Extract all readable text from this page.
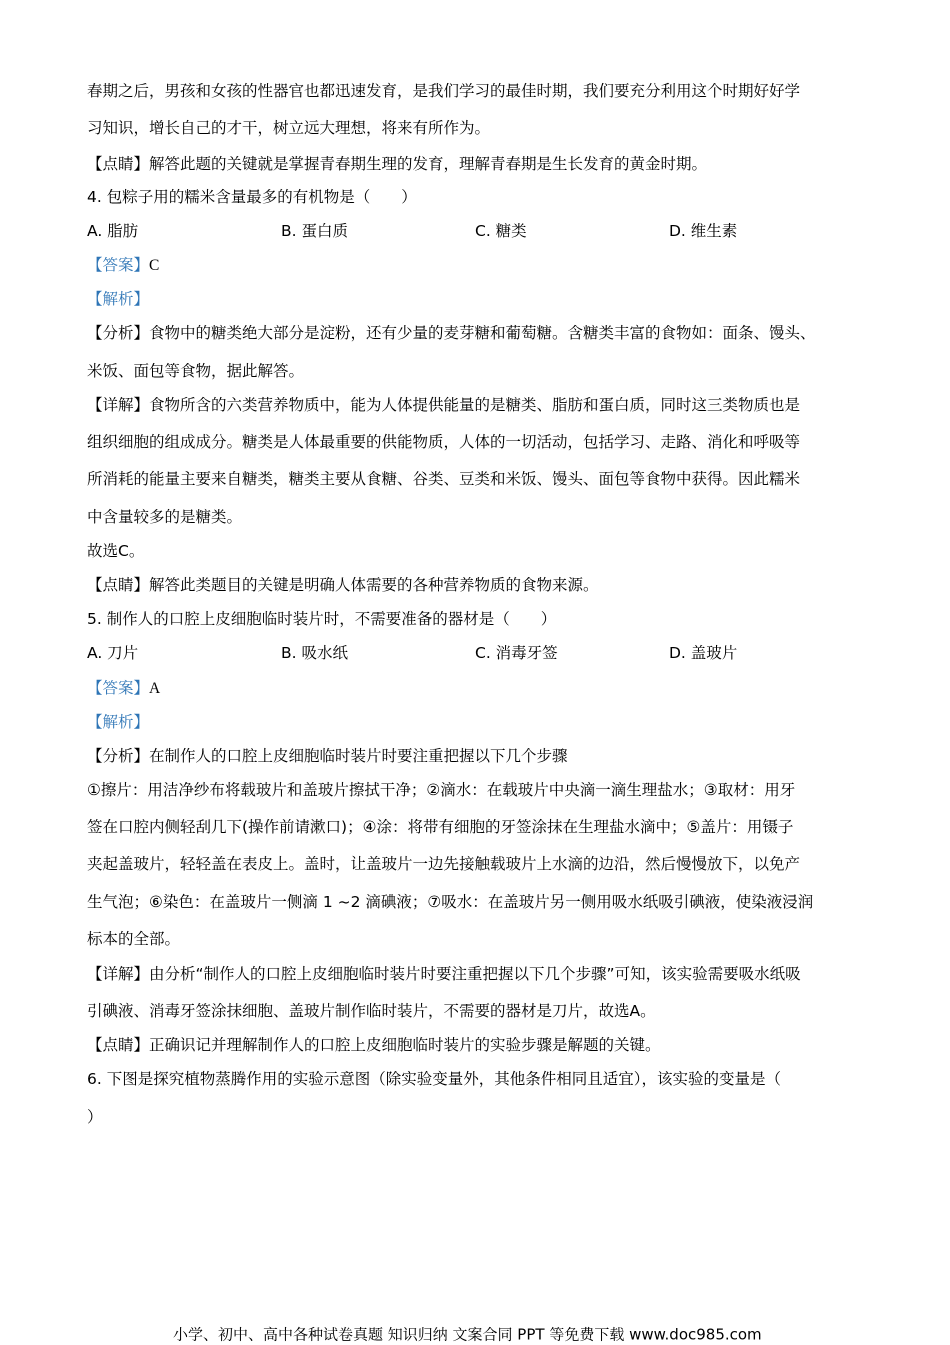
春期之后，男孩和女孩的性器官也都迅速发育，是我们学习的最佳时期，我们要充分利用这个时期好好学
习知识，增长自己的才干，树立远大理想，将来有所作为。
【点睛】解答此题的关键就是掌握青春期生理的发育，理解青春期是生长发育的黄金时期。
4. 包粽子用的糯米含量最多的有机物是（　　）
A. 脂肪	B. 蛋白质	C. 糖类	D. 维生素
【答案】C
【解析】
【分析】食物中的糖类绝大部分是淀粉，还有少量的麦芽糖和葡萄糖。含糖类丰富的食物如：面条、馒头、
米饭、面包等食物，据此解答。
【详解】食物所含的六类营养物质中，能为人体提供能量的是糖类、脂肪和蛋白质，同时这三类物质也是
组织细胞的组成成分。糖类是人体最重要的供能物质，人体的一切活动，包括学习、走路、消化和呼吸等
所消耗的能量主要来自糖类，糖类主要从食糖、谷类、豆类和米饭、馒头、面包等食物中获得。因此糯米
中含量较多的是糖类。
故选C。
【点睛】解答此类题目的关键是明确人体需要的各种营养物质的食物来源。
5. 制作人的口腔上皮细胞临时装片时，不需要准备的器材是（　　）
A. 刀片	B. 吸水纸	C. 消毒牙签	D. 盖玻片
【答案】A
【解析】
【分析】在制作人的口腔上皮细胞临时装片时要注重把握以下几个步骤
①擦片：用洁净纱布将载玻片和盖玻片擦拭干净；②滴水：在载玻片中央滴一滴生理盐水；③取材：用牙
签在口腔内侧轻刮几下(操作前请漱口)；④涂：将带有细胞的牙签涂抹在生理盐水滴中；⑤盖片：用镊子
夹起盖玻片，轻轻盖在表皮上。盖时，让盖玻片一边先接触载玻片上水滴的边沿，然后慢慢放下，以免产
生气泡；⑥染色：在盖玻片一侧滴 1 ~2 滴碘液；⑦吸水：在盖玻片另一侧用吸水纸吸引碘液，使染液浸润
标本的全部。
【详解】由分析“制作人的口腔上皮细胞临时装片时要注重把握以下几个步骤”可知，该实验需要吸水纸吸
引碘液、消毒牙签涂抹细胞、盖玻片制作临时装片，不需要的器材是刀片，故选A。
【点睛】正确识记并理解制作人的口腔上皮细胞临时装片的实验步骤是解题的关键。
6. 下图是探究植物蒸腾作用的实验示意图（除实验变量外，其他条件相同且适宜），该实验的变量是（
）
小学、初中、高中各种试卷真题 知识归纳 文案合同 PPT 等免费下载 www.doc985.com
